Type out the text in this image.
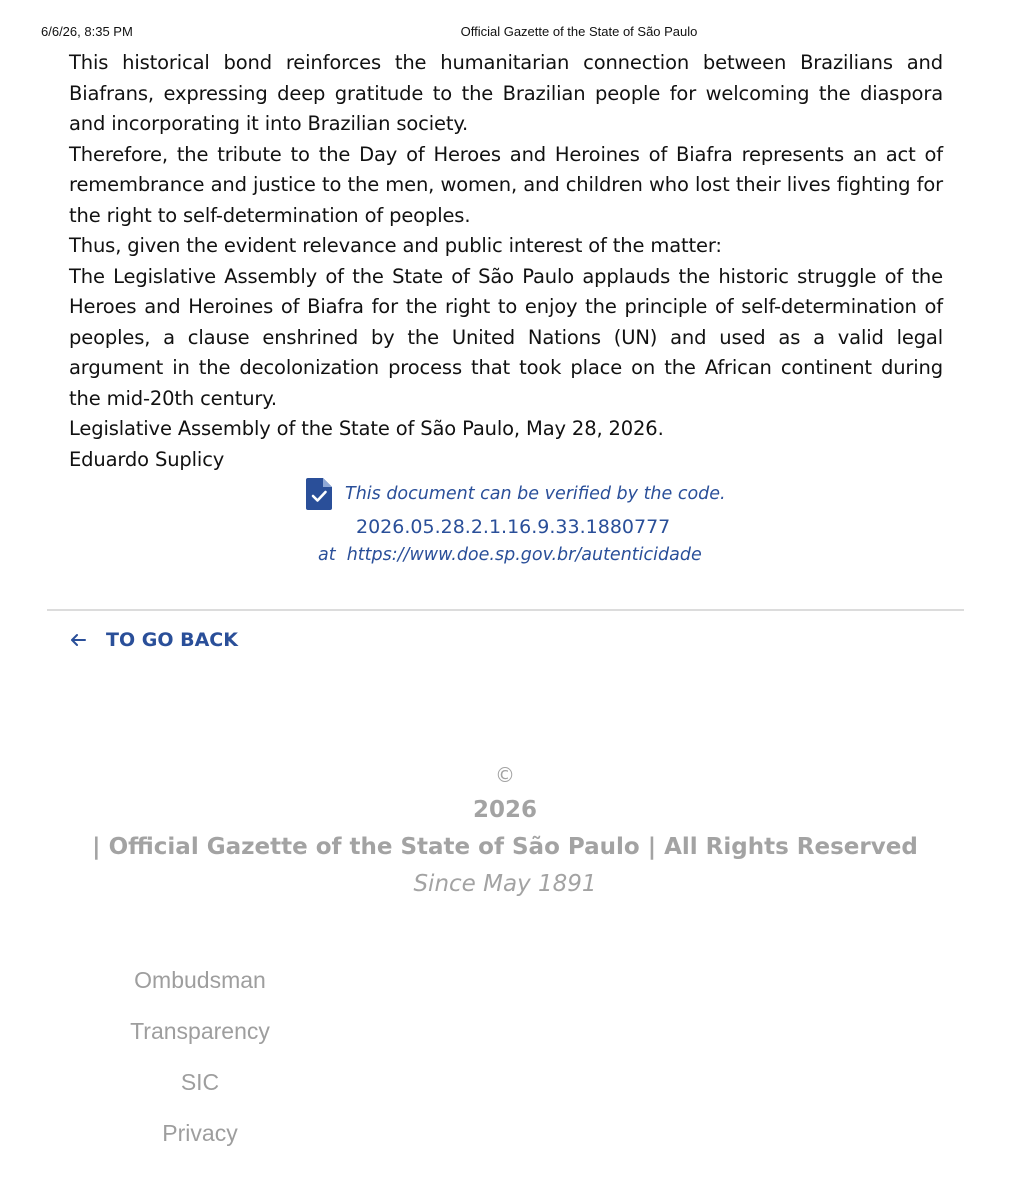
6/6/26, 8:35 PM	Official Gazette of the State of São Paulo

This historical bond reinforces the humanitarian connection between Brazilians and Biafrans, expressing deep gratitude to the Brazilian people for welcoming the diaspora and incorporating it into Brazilian society.

Therefore, the tribute to the Day of Heroes and Heroines of Biafra represents an act of remembrance and justice to the men, women, and children who lost their lives fighting for the right to self-determination of peoples.

Thus, given the evident relevance and public interest of the matter:

The Legislative Assembly of the State of São Paulo applauds the historic struggle of the Heroes and Heroines of Biafra for the right to enjoy the principle of self-determination of peoples, a clause enshrined by the United Nations (UN) and used as a valid legal argument in the decolonization process that took place on the African continent during the mid-20th century.

Legislative Assembly of the State of São Paulo, May 28, 2026.

Eduardo Suplicy

This document can be verified by the code.
2026.05.28.2.1.16.9.33.1880777
at  https://www.doe.sp.gov.br/autenticidade
TO GO BACK
©
2026
| Official Gazette of the State of São Paulo | All Rights Reserved
Since May 1891
Ombudsman
Transparency
SIC
Privacy
